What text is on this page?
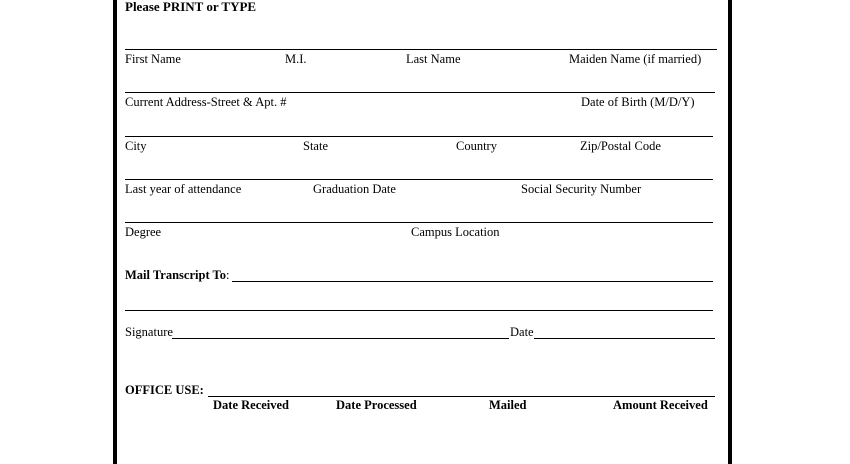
Please PRINT or TYPE
First Name	M.I.	Last Name	Maiden Name (if married)
Current Address-Street & Apt. #	Date of Birth (M/D/Y)
City	State	Country	Zip/Postal Code
Last year of attendance	Graduation Date	Social Security Number
Degree	Campus Location
Mail Transcript To:
Signature	Date
OFFICE USE:
Date Received	Date Processed	Mailed	Amount Received
